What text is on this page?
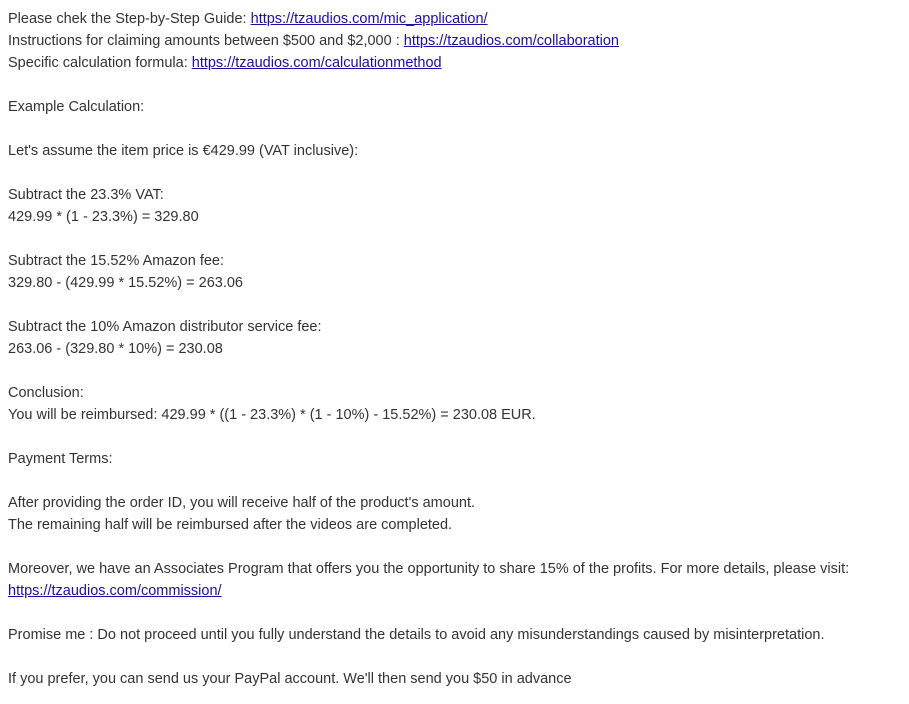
Please chek the Step-by-Step Guide: https://tzaudios.com/mic_application/
Instructions for claiming amounts between $500 and $2,000 : https://tzaudios.com/collaboration
Specific calculation formula: https://tzaudios.com/calculationmethod
Example Calculation:
Let's assume the item price is €429.99 (VAT inclusive):
Subtract the 23.3% VAT:
429.99 * (1 - 23.3%) = 329.80
Subtract the 15.52% Amazon fee:
329.80 - (429.99 * 15.52%) = 263.06
Subtract the 10% Amazon distributor service fee:
263.06 - (329.80 * 10%) = 230.08
Conclusion:
You will be reimbursed: 429.99 * ((1 - 23.3%) * (1 - 10%) - 15.52%) = 230.08 EUR.
Payment Terms:
After providing the order ID, you will receive half of the product's amount.
The remaining half will be reimbursed after the videos are completed.
Moreover, we have an Associates Program that offers you the opportunity to share 15% of the profits. For more details, please visit:
https://tzaudios.com/commission/
Promise me : Do not proceed until you fully understand the details to avoid any misunderstandings caused by misinterpretation.
If you prefer, you can send us your PayPal account. We'll then send you $50 in advance
